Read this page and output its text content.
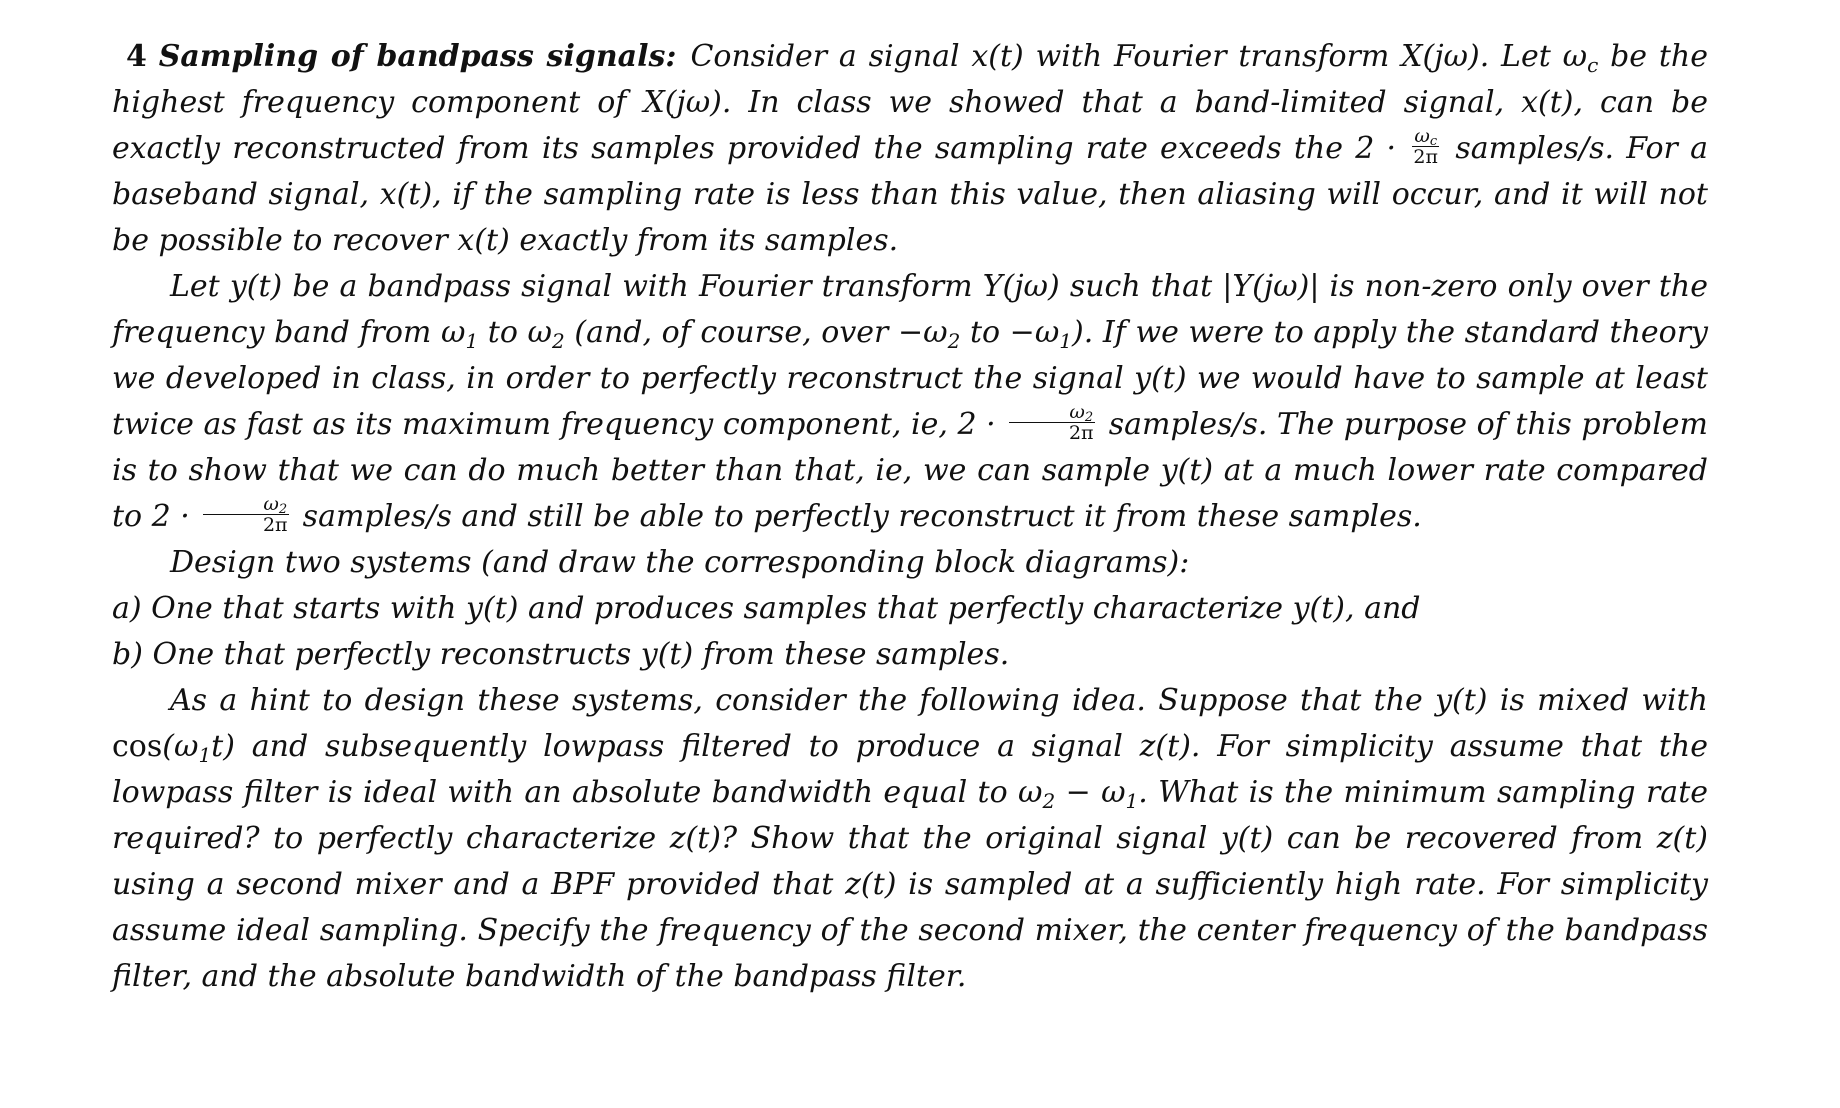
4 Sampling of bandpass signals: Consider a signal x(t) with Fourier transform X(jω). Let $\omega_c$ be the highest frequency component of X(jω). In class we showed that a band-limited signal, x(t), can be exactly reconstructed from its samples provided the sampling rate exceeds the $2 \cdot \frac{\omega_c}{2\pi}$ samples/s. For a baseband signal, x(t), if the sampling rate is less than this value, then aliasing will occur, and it will not be possible to recover x(t) exactly from its samples.

Let y(t) be a bandpass signal with Fourier transform Y(jω) such that |Y(jω)| is non-zero only over the frequency band from $\omega_1$ to $\omega_2$ (and, of course, over $-\omega_2$ to $-\omega_1$). If we were to apply the standard theory we developed in class, in order to perfectly reconstruct the signal y(t) we would have to sample at least twice as fast as its maximum frequency component, ie, $2 \cdot \frac{\omega_2}{2\pi}$ samples/s. The purpose of this problem is to show that we can do much better than that, ie, we can sample y(t) at a much lower rate compared to $2 \cdot \frac{\omega_2}{2\pi}$ samples/s and still be able to perfectly reconstruct it from these samples.

Design two systems (and draw the corresponding block diagrams):

a) One that starts with y(t) and produces samples that perfectly characterize y(t), and

b) One that perfectly reconstructs y(t) from these samples.

As a hint to design these systems, consider the following idea. Suppose that the y(t) is mixed with $\cos(\omega_1t)$ and subsequently lowpass filtered to produce a signal z(t). For simplicity assume that the lowpass filter is ideal with an absolute bandwidth equal to $\omega_2 - \omega_1$. What is the minimum sampling rate required? to perfectly characterize z(t)? Show that the original signal y(t) can be recovered from z(t) using a second mixer and a BPF provided that z(t) is sampled at a sufficiently high rate. For simplicity assume ideal sampling. Specify the frequency of the second mixer, the center frequency of the bandpass filter, and the absolute bandwidth of the bandpass filter.
